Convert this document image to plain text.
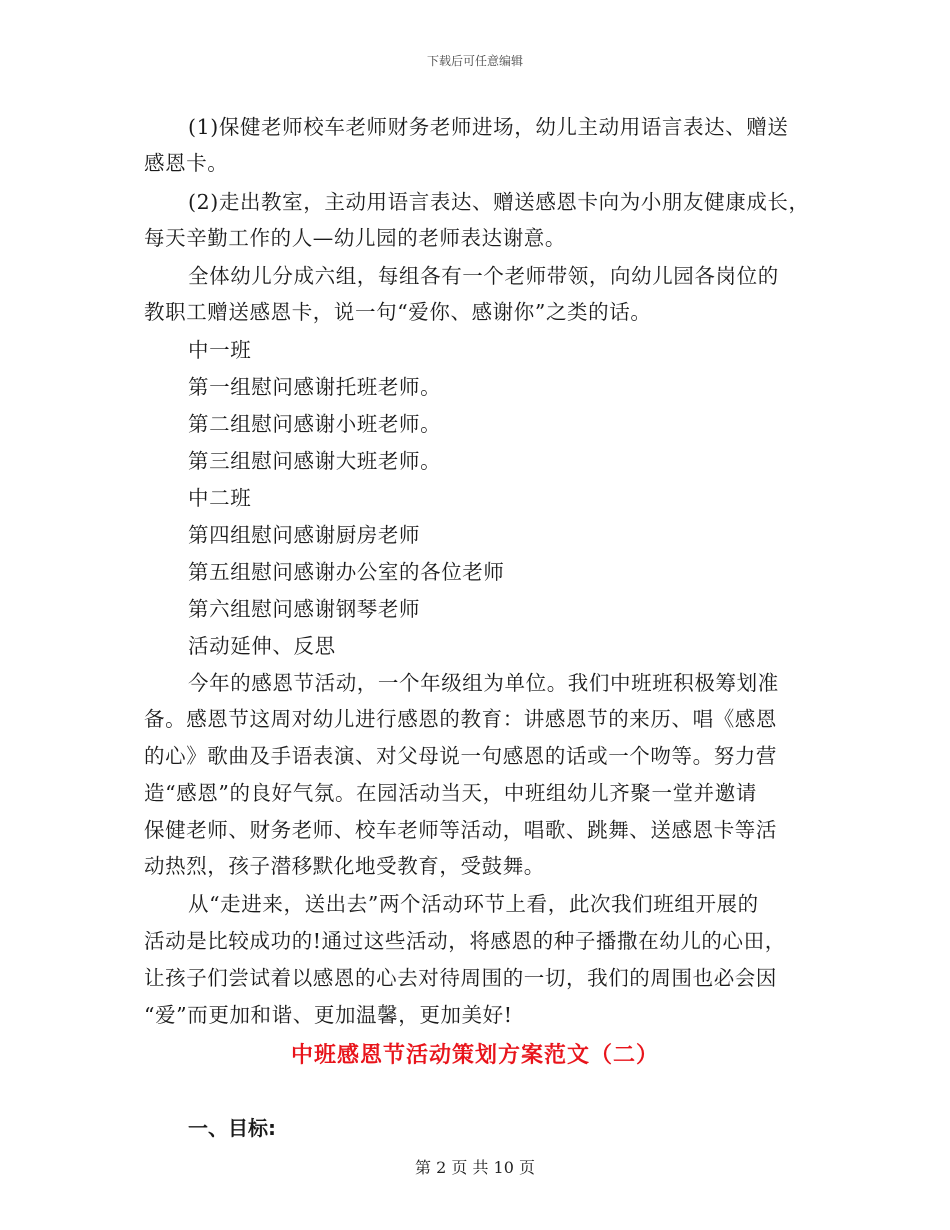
下载后可任意编辑
(1)保健老师校车老师财务老师进场，幼儿主动用语言表达、赠送
感恩卡。
(2)走出教室，主动用语言表达、赠送感恩卡向为小朋友健康成长，
每天辛勤工作的人—幼儿园的老师表达谢意。
全体幼儿分成六组，每组各有一个老师带领，向幼儿园各岗位的
教职工赠送感恩卡，说一句“爱你、感谢你”之类的话。
中一班
第一组慰问感谢托班老师。
第二组慰问感谢小班老师。
第三组慰问感谢大班老师。
中二班
第四组慰问感谢厨房老师
第五组慰问感谢办公室的各位老师
第六组慰问感谢钢琴老师
活动延伸、反思
今年的感恩节活动，一个年级组为单位。我们中班班积极筹划准
备。感恩节这周对幼儿进行感恩的教育：讲感恩节的来历、唱《感恩
的心》歌曲及手语表演、对父母说一句感恩的话或一个吻等。努力营
造“感恩”的良好气氛。在园活动当天，中班组幼儿齐聚一堂并邀请
保健老师、财务老师、校车老师等活动，唱歌、跳舞、送感恩卡等活
动热烈，孩子潜移默化地受教育，受鼓舞。
从“走进来，送出去”两个活动环节上看，此次我们班组开展的
活动是比较成功的!通过这些活动，将感恩的种子播撒在幼儿的心田，
让孩子们尝试着以感恩的心去对待周围的一切，我们的周围也必会因
“爱”而更加和谐、更加温馨，更加美好!
中班感恩节活动策划方案范文（二）
一、目标:
第 2 页 共 10 页
